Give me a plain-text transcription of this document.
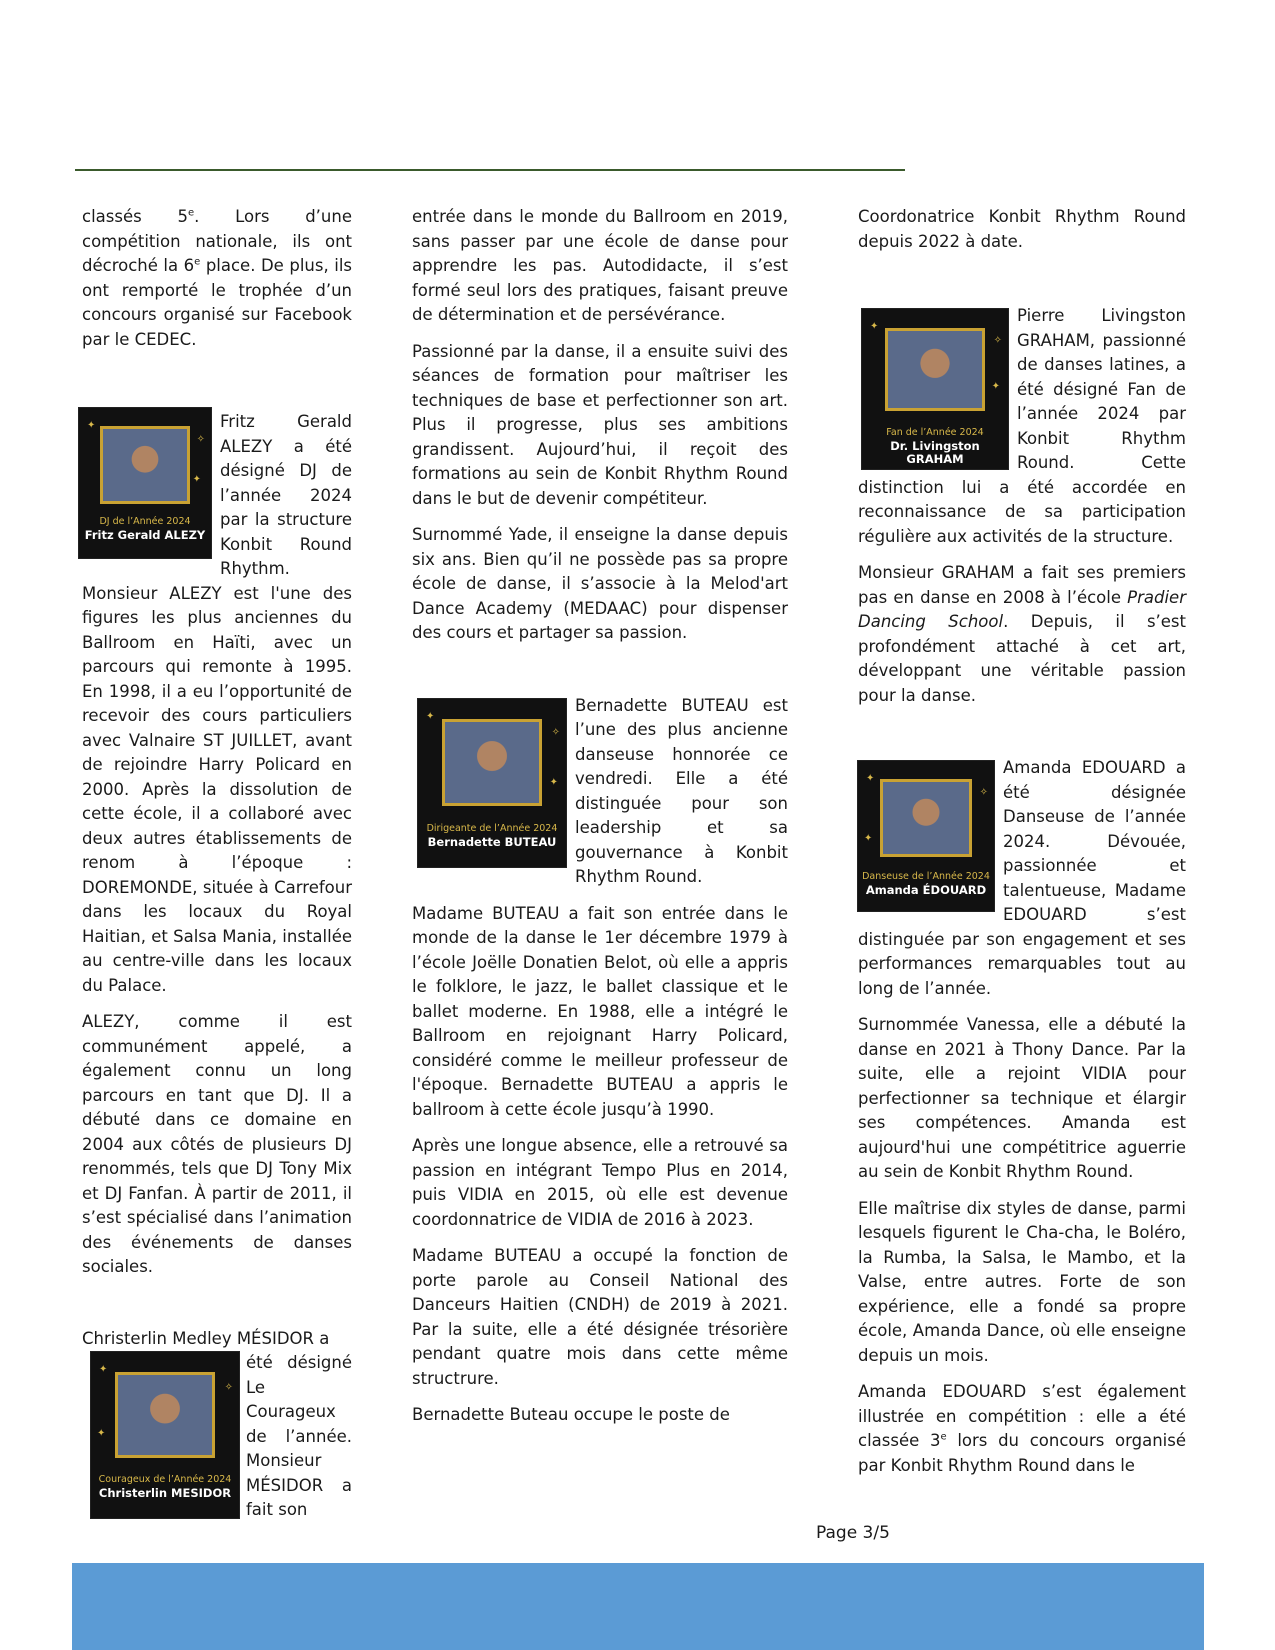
classés 5e. Lors d’une compétition nationale, ils ont décroché la 6e place. De plus, ils ont remporté le trophée d’un concours organisé sur Facebook par le CEDEC.

✦
✧
✦
DJ de l’Année 2024
Fritz Gerald ALEZY

Fritz Gerald ALEZY a été désigné DJ de l’année 2024 par la structure Konbit Round Rhythm. Monsieur ALEZY est l'une des figures les plus anciennes du Ballroom en Haïti, avec un parcours qui remonte à 1995. En 1998, il a eu l’opportunité de recevoir des cours particuliers avec Valnaire ST JUILLET, avant de rejoindre Harry Policard en 2000. Après la dissolution de cette école, il a collaboré avec deux autres établissements de renom à l’époque : DOREMONDE, située à Carrefour dans les locaux du Royal Haitian, et Salsa Mania, installée au centre-ville dans les locaux du Palace.

ALEZY, comme il est communément appelé, a également connu un long parcours en tant que DJ. Il a débuté dans ce domaine en 2004 aux côtés de plusieurs DJ renommés, tels que DJ Tony Mix et DJ Fanfan. À partir de 2011, il s’est spécialisé dans l’animation des événements de danses sociales.

Christerlin Medley MÉSIDOR a

✦
✧
✦
Courageux de l’Année 2024
Christerlin MESIDOR

été désigné Le Courageux de l’année. Monsieur MÉSIDOR a fait son

entrée dans le monde du Ballroom en 2019, sans passer par une école de danse pour apprendre les pas. Autodidacte, il s’est formé seul lors des pratiques, faisant preuve de détermination et de persévérance.

Passionné par la danse, il a ensuite suivi des séances de formation pour maîtriser les techniques de base et perfectionner son art. Plus il progresse, plus ses ambitions grandissent. Aujourd’hui, il reçoit des formations au sein de Konbit Rhythm Round dans le but de devenir compétiteur.

Surnommé Yade, il enseigne la danse depuis six ans. Bien qu’il ne possède pas sa propre école de danse, il s’associe à la Melod'art Dance Academy (MEDAAC) pour dispenser des cours et partager sa passion.

✦
✧
✦
Dirigeante de l’Année 2024
Bernadette BUTEAU

Bernadette BUTEAU est l’une des plus ancienne danseuse honnorée ce vendredi. Elle a été distinguée pour son leadership et sa gouvernance à Konbit Rhythm Round.

Madame BUTEAU a fait son entrée dans le monde de la danse le 1er décembre 1979 à l’école Joëlle Donatien Belot, où elle a appris le folklore, le jazz, le ballet classique et le ballet moderne. En 1988, elle a intégré le Ballroom en rejoignant Harry Policard, considéré comme le meilleur professeur de l'époque. Bernadette BUTEAU a appris le ballroom à cette école jusqu’à 1990.

Après une longue absence, elle a retrouvé sa passion en intégrant Tempo Plus en 2014, puis VIDIA en 2015, où elle est devenue coordonnatrice de VIDIA de 2016 à 2023.

Madame BUTEAU a occupé la fonction de porte parole au Conseil National des Danceurs Haitien (CNDH) de 2019 à 2021. Par la suite, elle a été désignée trésorière pendant quatre mois dans cette même structrure.

Bernadette Buteau occupe le poste de

Coordonatrice Konbit Rhythm Round depuis 2022 à date.

✦
✧
✦
Fan de l’Année 2024
Dr. Livingston GRAHAM

Pierre Livingston GRAHAM, passionné de danses latines, a été désigné Fan de l’année 2024 par Konbit Rhythm Round. Cette distinction lui a été accordée en reconnaissance de sa participation régulière aux activités de la structure.

Monsieur GRAHAM a fait ses premiers pas en danse en 2008 à l’école Pradier Dancing School. Depuis, il s’est profondément attaché à cet art, développant une véritable passion pour la danse.

✦
✧
✦
Danseuse de l’Année 2024
Amanda ÉDOUARD

Amanda EDOUARD a été désignée Danseuse de l’année 2024. Dévouée, passionnée et talentueuse, Madame EDOUARD s’est distinguée par son engagement et ses performances remarquables tout au long de l’année.

Surnommée Vanessa, elle a débuté la danse en 2021 à Thony Dance. Par la suite, elle a rejoint VIDIA pour perfectionner sa technique et élargir ses compétences. Amanda est aujourd'hui une compétitrice aguerrie au sein de Konbit Rhythm Round.

Elle maîtrise dix styles de danse, parmi lesquels figurent le Cha-cha, le Boléro, la Rumba, la Salsa, le Mambo, et la Valse, entre autres. Forte de son expérience, elle a fondé sa propre école, Amanda Dance, où elle enseigne depuis un mois.

Amanda EDOUARD s’est également illustrée en compétition : elle a été classée 3e lors du concours organisé par Konbit Rhythm Round dans le

Page 3/5
